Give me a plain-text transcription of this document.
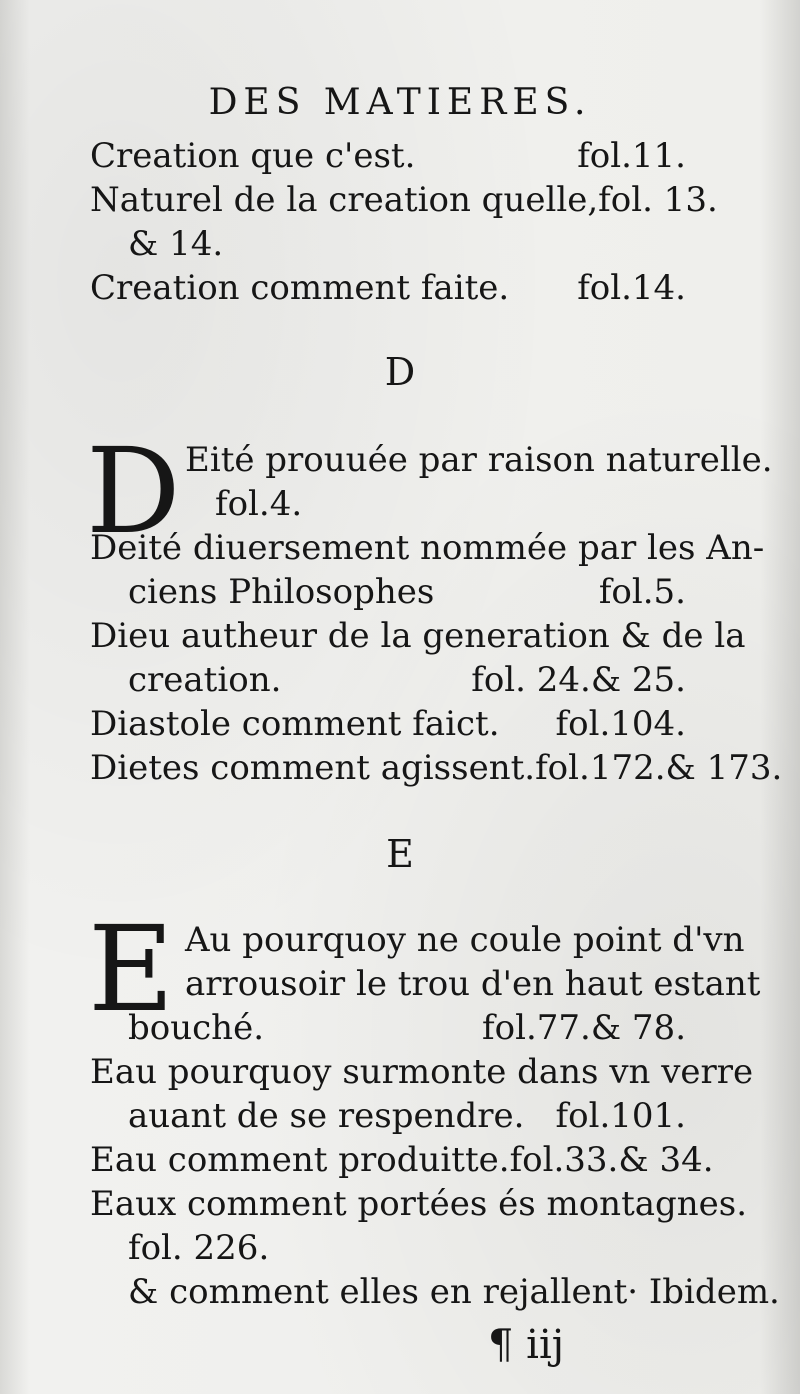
DES MATIERES.
Creation que c'est.	fol.11.
Naturel de la creation quelle, fol. 13.
& 14.
Creation comment faite. fol.14.
D
D Eité prouuée par raison naturelle.
fol.4.
Deité diuersement nommée par les An-
ciens Philosophes	fol.5.
Dieu autheur de la generation & de la
creation.	fol. 24.& 25.
Diastole comment faict. fol.104.
Dietes comment agissent. fol.172.& 173.
E
E Au pourquoy ne coule point d'vn
arrousoir le trou d'en haut estant
bouché.	fol.77.& 78.
Eau pourquoy surmonte dans vn verre
auant de se respendre. fol.101.
Eau comment produitte. fol.33.& 34.
Eaux comment portées és montagnes.
fol. 226.
& comment elles en rejallent· Ibidem.
¶ iij
